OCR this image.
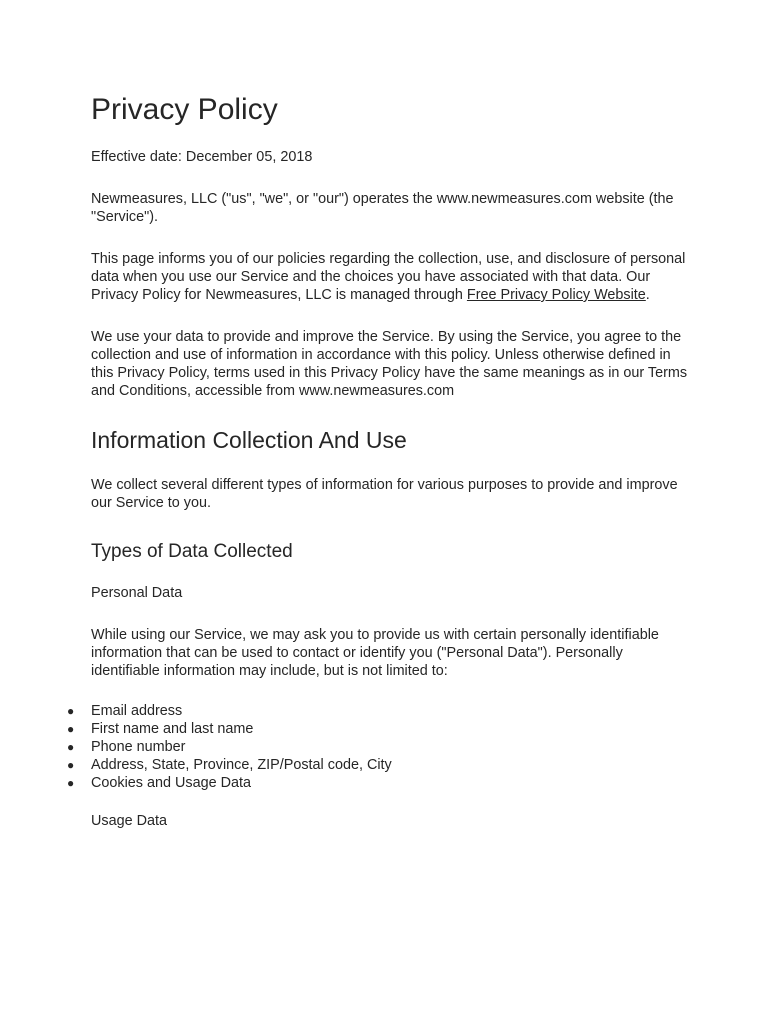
Privacy Policy

Effective date: December 05, 2018

Newmeasures, LLC ("us", "we", or "our") operates the www.newmeasures.com website (the "Service").

This page informs you of our policies regarding the collection, use, and disclosure of personal data when you use our Service and the choices you have associated with that data. Our Privacy Policy for Newmeasures, LLC is managed through Free Privacy Policy Website.

We use your data to provide and improve the Service. By using the Service, you agree to the collection and use of information in accordance with this policy. Unless otherwise defined in this Privacy Policy, terms used in this Privacy Policy have the same meanings as in our Terms and Conditions, accessible from www.newmeasures.com

Information Collection And Use

We collect several different types of information for various purposes to provide and improve our Service to you.

Types of Data Collected

Personal Data

While using our Service, we may ask you to provide us with certain personally identifiable information that can be used to contact or identify you ("Personal Data"). Personally identifiable information may include, but is not limited to:

● Email address
● First name and last name
● Phone number
● Address, State, Province, ZIP/Postal code, City
● Cookies and Usage Data

Usage Data
